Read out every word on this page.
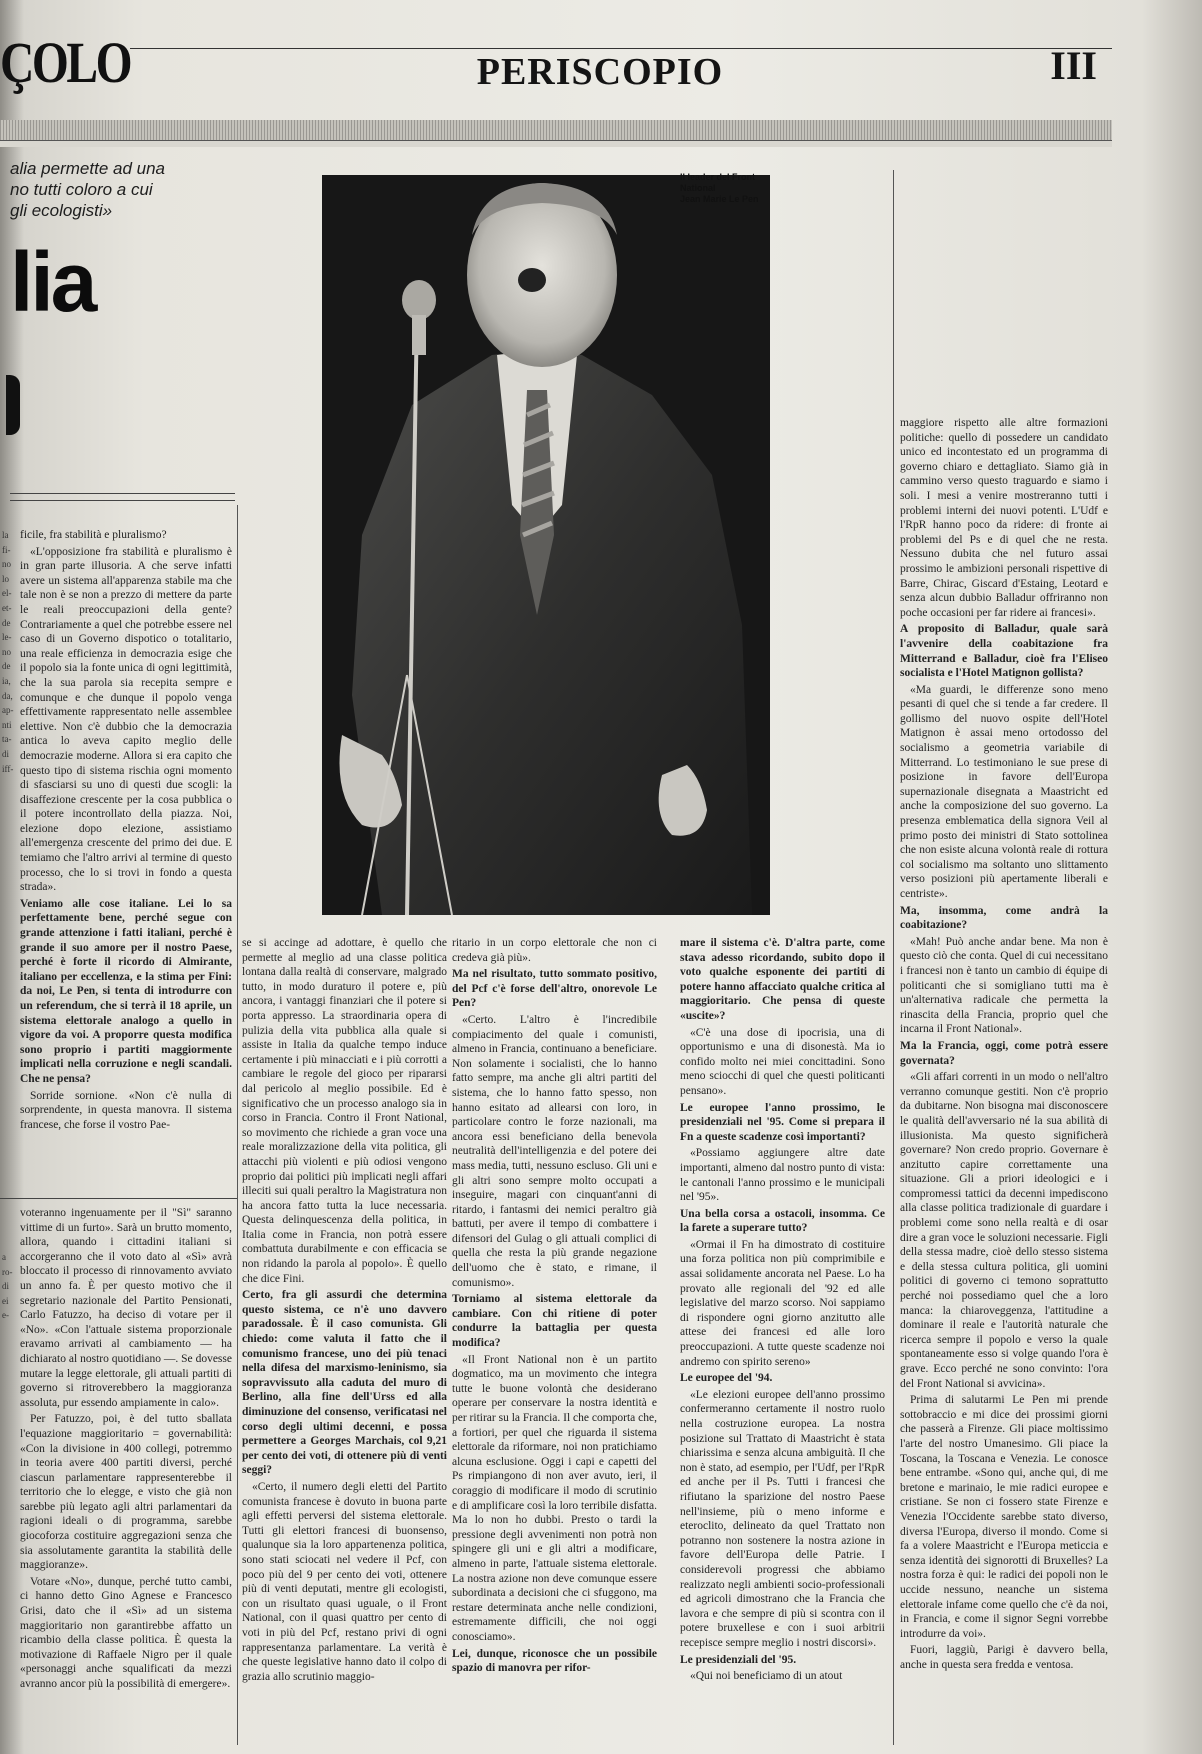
ÇOLO	PERISCOPIO	III
alia permette ad una
no tutti coloro a cui
gli ecologisti»
lia
la
fi-
no
lo
el-
et-
de
le-
no
de
ia,
da,
ap-
nti
ta-
di
iff-
a
ro-
di
ei
e-
Il leader del Front
National
Jean Marie Le Pen

ficile, fra stabilità e pluralismo?

«L'opposizione fra stabilità e pluralismo è in gran parte illusoria. A che serve infatti avere un sistema all'apparenza stabile ma che tale non è se non a prezzo di mettere da parte le reali preoccupazioni della gente? Contrariamente a quel che potrebbe essere nel caso di un Governo dispotico o totalitario, una reale efficienza in democrazia esige che il popolo sia la fonte unica di ogni legittimità, che la sua parola sia recepita sempre e comunque e che dunque il popolo venga effettivamente rappresentato nelle assemblee elettive. Non c'è dubbio che la democrazia antica lo aveva capito meglio delle democrazie moderne. Allora si era capito che questo tipo di sistema rischia ogni momento di sfasciarsi su uno di questi due scogli: la disaffezione crescente per la cosa pubblica o il potere incontrollato della piazza. Noi, elezione dopo elezione, assistiamo all'emergenza crescente del primo dei due. E temiamo che l'altro arrivi al termine di questo processo, che lo si trovi in fondo a questa strada».

Veniamo alle cose italiane. Lei lo sa perfettamente bene, perché segue con grande attenzione i fatti italiani, perché è grande il suo amore per il nostro Paese, perché è forte il ricordo di Almirante, italiano per eccellenza, e la stima per Fini: da noi, Le Pen, si tenta di introdurre con un referendum, che si terrà il 18 aprile, un sistema elettorale analogo a quello in vigore da voi. A proporre questa modifica sono proprio i partiti maggiormente implicati nella corruzione e negli scandali. Che ne pensa?

Sorride sornione. «Non c'è nulla di sorprendente, in questa manovra. Il sistema francese, che forse il vostro Pae-

voteranno ingenuamente per il "Sì" saranno vittime di un furto». Sarà un brutto momento, allora, quando i cittadini italiani si accorgeranno che il voto dato al «Sì» avrà bloccato il processo di rinnovamento avviato un anno fa. È per questo motivo che il segretario nazionale del Partito Pensionati, Carlo Fatuzzo, ha deciso di votare per il «No». «Con l'attuale sistema proporzionale eravamo arrivati al cambiamento — ha dichiarato al nostro quotidiano —. Se dovesse mutare la legge elettorale, gli attuali partiti di governo si ritroverebbero la maggioranza assoluta, pur essendo ampiamente in calo».

Per Fatuzzo, poi, è del tutto sballata l'equazione maggioritario = governabilità: «Con la divisione in 400 collegi, potremmo in teoria avere 400 partiti diversi, perché ciascun parlamentare rappresenterebbe il territorio che lo elegge, e visto che già non sarebbe più legato agli altri parlamentari da ragioni ideali o di programma, sarebbe giocoforza costituire aggregazioni senza che sia assolutamente garantita la stabilità delle maggioranze».

Votare «No», dunque, perché tutto cambi, ci hanno detto Gino Agnese e Francesco Grisi, dato che il «Sì» ad un sistema maggioritario non garantirebbe affatto un ricambio della classe politica. È questa la motivazione di Raffaele Nigro per il quale «personaggi anche squalificati da mezzi avranno ancor più la possibilità di emergere».

se si accinge ad adottare, è quello che permette al meglio ad una classe politica lontana dalla realtà di conservare, malgrado tutto, in modo duraturo il potere e, più ancora, i vantaggi finanziari che il potere si porta appresso. La straordinaria opera di pulizia della vita pubblica alla quale si assiste in Italia da qualche tempo induce certamente i più minacciati e i più corrotti a cambiare le regole del gioco per ripararsi dal pericolo al meglio possibile. Ed è significativo che un processo analogo sia in corso in Francia. Contro il Front National, so movimento che richiede a gran voce una reale moralizzazione della vita politica, gli attacchi più violenti e più odiosi vengono proprio dai politici più implicati negli affari illeciti sui quali peraltro la Magistratura non ha ancora fatto tutta la luce necessaria. Questa delinquescenza della politica, in Italia come in Francia, non potrà essere combattuta durabilmente e con efficacia se non ridando la parola al popolo». È quello che dice Fini.

Certo, fra gli assurdi che determina questo sistema, ce n'è uno davvero paradossale. È il caso comunista. Gli chiedo: come valuta il fatto che il comunismo francese, uno dei più tenaci nella difesa del marxismo-leninismo, sia sopravvissuto alla caduta del muro di Berlino, alla fine dell'Urss ed alla diminuzione del consenso, verificatasi nel corso degli ultimi decenni, e possa permettere a Georges Marchais, col 9,21 per cento dei voti, di ottenere più di venti seggi?

«Certo, il numero degli eletti del Partito comunista francese è dovuto in buona parte agli effetti perversi del sistema elettorale. Tutti gli elettori francesi di buonsenso, qualunque sia la loro appartenenza politica, sono stati sciocati nel vedere il Pcf, con poco più del 9 per cento dei voti, ottenere più di venti deputati, mentre gli ecologisti, con un risultato quasi uguale, o il Front National, con il quasi quattro per cento di voti in più del Pcf, restano privi di ogni rappresentanza parlamentare. La verità è che queste legislative hanno dato il colpo di grazia allo scrutinio maggio-

ritario in un corpo elettorale che non ci credeva già più».

Ma nel risultato, tutto sommato positivo, del Pcf c'è forse dell'altro, onorevole Le Pen?

«Certo. L'altro è l'incredibile compiacimento del quale i comunisti, almeno in Francia, continuano a beneficiare. Non solamente i socialisti, che lo hanno fatto sempre, ma anche gli altri partiti del sistema, che lo hanno fatto spesso, non hanno esitato ad allearsi con loro, in particolare contro le forze nazionali, ma ancora essi beneficiano della benevola neutralità dell'intelligenzia e del potere dei mass media, tutti, nessuno escluso. Gli uni e gli altri sono sempre molto occupati a inseguire, magari con cinquant'anni di ritardo, i fantasmi dei nemici peraltro già battuti, per avere il tempo di combattere i difensori del Gulag o gli attuali complici di quella che resta la più grande negazione dell'uomo che è stato, e rimane, il comunismo».

Torniamo al sistema elettorale da cambiare. Con chi ritiene di poter condurre la battaglia per questa modifica?

«Il Front National non è un partito dogmatico, ma un movimento che integra tutte le buone volontà che desiderano operare per conservare la nostra identità e per ritirar su la Francia. Il che comporta che, a fortiori, per quel che riguarda il sistema elettorale da riformare, noi non pratichiamo alcuna esclusione. Oggi i capi e capetti del Ps rimpiangono di non aver avuto, ieri, il coraggio di modificare il modo di scrutinio e di amplificare così la loro terribile disfatta. Ma lo non ho dubbi. Presto o tardi la pressione degli avvenimenti non potrà non spingere gli uni e gli altri a modificare, almeno in parte, l'attuale sistema elettorale. La nostra azione non deve comunque essere subordinata a decisioni che ci sfuggono, ma restare determinata anche nelle condizioni, estremamente difficili, che noi oggi conosciamo».

Lei, dunque, riconosce che un possibile spazio di manovra per rifor-

mare il sistema c'è. D'altra parte, come stava adesso ricordando, subito dopo il voto qualche esponente dei partiti di potere hanno affacciato qualche critica al maggioritario. Che pensa di queste «uscite»?

«C'è una dose di ipocrisia, una di opportunismo e una di disonestà. Ma io confido molto nei miei concittadini. Sono meno sciocchi di quel che questi politicanti pensano».

Le europee l'anno prossimo, le presidenziali nel '95. Come si prepara il Fn a queste scadenze così importanti?

«Possiamo aggiungere altre date importanti, almeno dal nostro punto di vista: le cantonali l'anno prossimo e le municipali nel '95».

Una bella corsa a ostacoli, insomma. Ce la farete a superare tutto?

«Ormai il Fn ha dimostrato di costituire una forza politica non più comprimibile e assai solidamente ancorata nel Paese. Lo ha provato alle regionali del '92 ed alle legislative del marzo scorso. Noi sappiamo di rispondere ogni giorno anzitutto alle attese dei francesi ed alle loro preoccupazioni. A tutte queste scadenze noi andremo con spirito sereno»

Le europee del '94.

«Le elezioni europee dell'anno prossimo confermeranno certamente il nostro ruolo nella costruzione europea. La nostra posizione sul Trattato di Maastricht è stata chiarissima e senza alcuna ambiguità. Il che non è stato, ad esempio, per l'Udf, per l'RpR ed anche per il Ps. Tutti i francesi che rifiutano la sparizione del nostro Paese nell'insieme, più o meno informe e eteroclito, delineato da quel Trattato non potranno non sostenere la nostra azione in favore dell'Europa delle Patrie. I considerevoli progressi che abbiamo realizzato negli ambienti socio-professionali ed agricoli dimostrano che la Francia che lavora e che sempre di più si scontra con il potere bruxellese e con i suoi arbitrii recepisce sempre meglio i nostri discorsi».

Le presidenziali del '95.

«Qui noi beneficiamo di un atout

maggiore rispetto alle altre formazioni politiche: quello di possedere un candidato unico ed incontestato ed un programma di governo chiaro e dettagliato. Siamo già in cammino verso questo traguardo e siamo i soli. I mesi a venire mostreranno tutti i problemi interni dei nuovi potenti. L'Udf e l'RpR hanno poco da ridere: di fronte ai problemi del Ps e di quel che ne resta. Nessuno dubita che nel futuro assai prossimo le ambizioni personali rispettive di Barre, Chirac, Giscard d'Estaing, Leotard e senza alcun dubbio Balladur offriranno non poche occasioni per far ridere ai francesi».

A proposito di Balladur, quale sarà l'avvenire della coabitazione fra Mitterrand e Balladur, cioè fra l'Eliseo socialista e l'Hotel Matignon gollista?

«Ma guardi, le differenze sono meno pesanti di quel che si tende a far credere. Il gollismo del nuovo ospite dell'Hotel Matignon è assai meno ortodosso del socialismo a geometria variabile di Mitterrand. Lo testimoniano le sue prese di posizione in favore dell'Europa supernazionale disegnata a Maastricht ed anche la composizione del suo governo. La presenza emblematica della signora Veil al primo posto dei ministri di Stato sottolinea che non esiste alcuna volontà reale di rottura col socialismo ma soltanto uno slittamento verso posizioni più apertamente liberali e centriste».

Ma, insomma, come andrà la coabitazione?

«Mah! Può anche andar bene. Ma non è questo ciò che conta. Quel di cui necessitano i francesi non è tanto un cambio di équipe di politicanti che si somigliano tutti ma è un'alternativa radicale che permetta la rinascita della Francia, proprio quel che incarna il Front National».

Ma la Francia, oggi, come potrà essere governata?

«Gli affari correnti in un modo o nell'altro verranno comunque gestiti. Non c'è proprio da dubitarne. Non bisogna mai disconoscere le qualità dell'avversario né la sua abilità di illusionista. Ma questo significherà governare? Non credo proprio. Governare è anzitutto capire correttamente una situazione. Gli a priori ideologici e i compromessi tattici da decenni impediscono alla classe politica tradizionale di guardare i problemi come sono nella realtà e di osar dire a gran voce le soluzioni necessarie. Figli della stessa madre, cioè dello stesso sistema e della stessa cultura politica, gli uomini politici di governo ci temono soprattutto perché noi possediamo quel che a loro manca: la chiaroveggenza, l'attitudine a dominare il reale e l'autorità naturale che ricerca sempre il popolo e verso la quale spontaneamente esso si volge quando l'ora è grave. Ecco perché ne sono convinto: l'ora del Front National si avvicina».

Prima di salutarmi Le Pen mi prende sottobraccio e mi dice dei prossimi giorni che passerà a Firenze. Gli piace moltissimo l'arte del nostro Umanesimo. Gli piace la Toscana, la Toscana e Venezia. Le conosce bene entrambe. «Sono qui, anche qui, di me bretone e marinaio, le mie radici europee e cristiane. Se non ci fossero state Firenze e Venezia l'Occidente sarebbe stato diverso, diversa l'Europa, diverso il mondo. Come si fa a volere Maastricht e l'Europa meticcia e senza identità dei signorotti di Bruxelles? La nostra forza è qui: le radici dei popoli non le uccide nessuno, neanche un sistema elettorale infame come quello che c'è da noi, in Francia, e come il signor Segni vorrebbe introdurre da voi».

Fuori, laggiù, Parigi è davvero bella, anche in questa sera fredda e ventosa.
